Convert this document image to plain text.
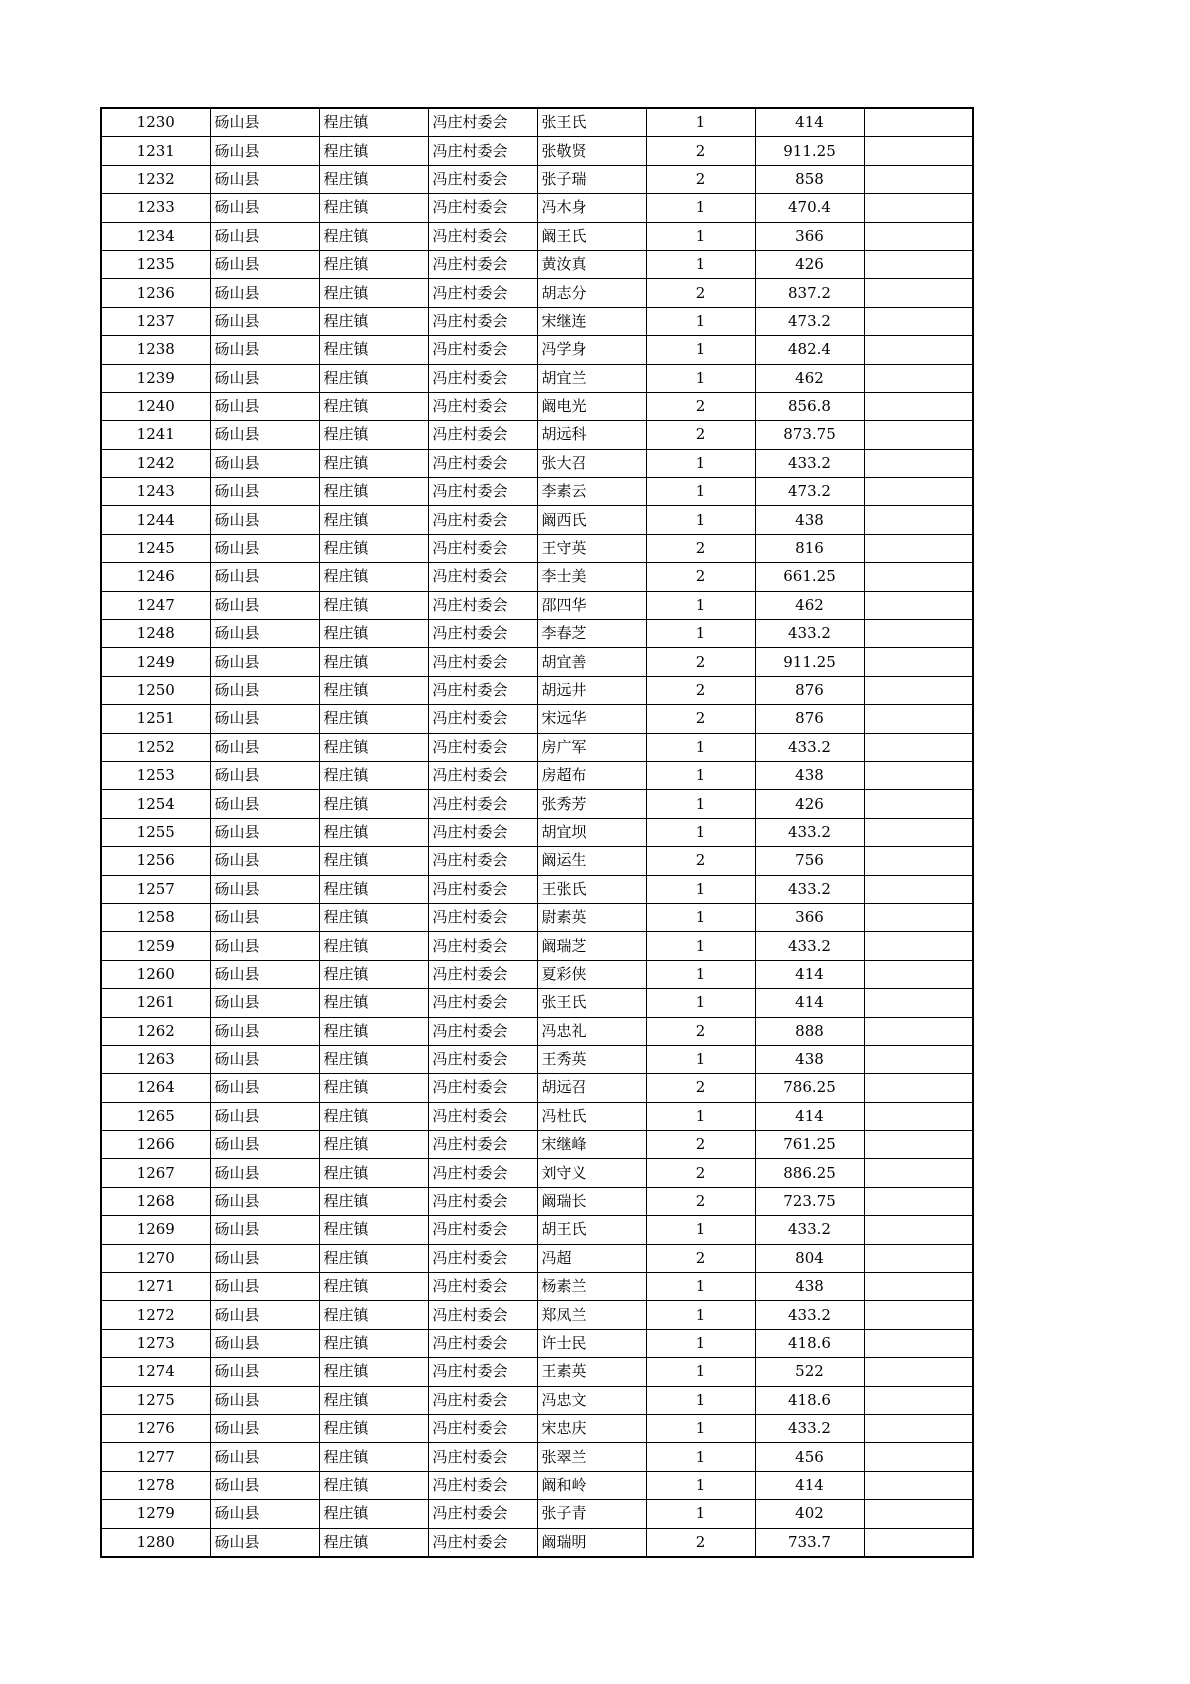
1230	砀山县	程庄镇	冯庄村委会	张王氏	1	414	
1231	砀山县	程庄镇	冯庄村委会	张敬贤	2	911.25	
1232	砀山县	程庄镇	冯庄村委会	张子瑞	2	858	
1233	砀山县	程庄镇	冯庄村委会	冯木身	1	470.4	
1234	砀山县	程庄镇	冯庄村委会	阚王氏	1	366	
1235	砀山县	程庄镇	冯庄村委会	黄汝真	1	426	
1236	砀山县	程庄镇	冯庄村委会	胡志分	2	837.2	
1237	砀山县	程庄镇	冯庄村委会	宋继连	1	473.2	
1238	砀山县	程庄镇	冯庄村委会	冯学身	1	482.4	
1239	砀山县	程庄镇	冯庄村委会	胡宜兰	1	462	
1240	砀山县	程庄镇	冯庄村委会	阚电光	2	856.8	
1241	砀山县	程庄镇	冯庄村委会	胡远科	2	873.75	
1242	砀山县	程庄镇	冯庄村委会	张大召	1	433.2	
1243	砀山县	程庄镇	冯庄村委会	李素云	1	473.2	
1244	砀山县	程庄镇	冯庄村委会	阚西氏	1	438	
1245	砀山县	程庄镇	冯庄村委会	王守英	2	816	
1246	砀山县	程庄镇	冯庄村委会	李士美	2	661.25	
1247	砀山县	程庄镇	冯庄村委会	邵四华	1	462	
1248	砀山县	程庄镇	冯庄村委会	李春芝	1	433.2	
1249	砀山县	程庄镇	冯庄村委会	胡宜善	2	911.25	
1250	砀山县	程庄镇	冯庄村委会	胡远井	2	876	
1251	砀山县	程庄镇	冯庄村委会	宋远华	2	876	
1252	砀山县	程庄镇	冯庄村委会	房广军	1	433.2	
1253	砀山县	程庄镇	冯庄村委会	房超布	1	438	
1254	砀山县	程庄镇	冯庄村委会	张秀芳	1	426	
1255	砀山县	程庄镇	冯庄村委会	胡宜坝	1	433.2	
1256	砀山县	程庄镇	冯庄村委会	阚运生	2	756	
1257	砀山县	程庄镇	冯庄村委会	王张氏	1	433.2	
1258	砀山县	程庄镇	冯庄村委会	尉素英	1	366	
1259	砀山县	程庄镇	冯庄村委会	阚瑞芝	1	433.2	
1260	砀山县	程庄镇	冯庄村委会	夏彩侠	1	414	
1261	砀山县	程庄镇	冯庄村委会	张王氏	1	414	
1262	砀山县	程庄镇	冯庄村委会	冯忠礼	2	888	
1263	砀山县	程庄镇	冯庄村委会	王秀英	1	438	
1264	砀山县	程庄镇	冯庄村委会	胡远召	2	786.25	
1265	砀山县	程庄镇	冯庄村委会	冯杜氏	1	414	
1266	砀山县	程庄镇	冯庄村委会	宋继峰	2	761.25	
1267	砀山县	程庄镇	冯庄村委会	刘守义	2	886.25	
1268	砀山县	程庄镇	冯庄村委会	阚瑞长	2	723.75	
1269	砀山县	程庄镇	冯庄村委会	胡王氏	1	433.2	
1270	砀山县	程庄镇	冯庄村委会	冯超	2	804	
1271	砀山县	程庄镇	冯庄村委会	杨素兰	1	438	
1272	砀山县	程庄镇	冯庄村委会	郑凤兰	1	433.2	
1273	砀山县	程庄镇	冯庄村委会	许士民	1	418.6	
1274	砀山县	程庄镇	冯庄村委会	王素英	1	522	
1275	砀山县	程庄镇	冯庄村委会	冯忠文	1	418.6	
1276	砀山县	程庄镇	冯庄村委会	宋忠庆	1	433.2	
1277	砀山县	程庄镇	冯庄村委会	张翠兰	1	456	
1278	砀山县	程庄镇	冯庄村委会	阚和岭	1	414	
1279	砀山县	程庄镇	冯庄村委会	张子青	1	402	
1280	砀山县	程庄镇	冯庄村委会	阚瑞明	2	733.7	
